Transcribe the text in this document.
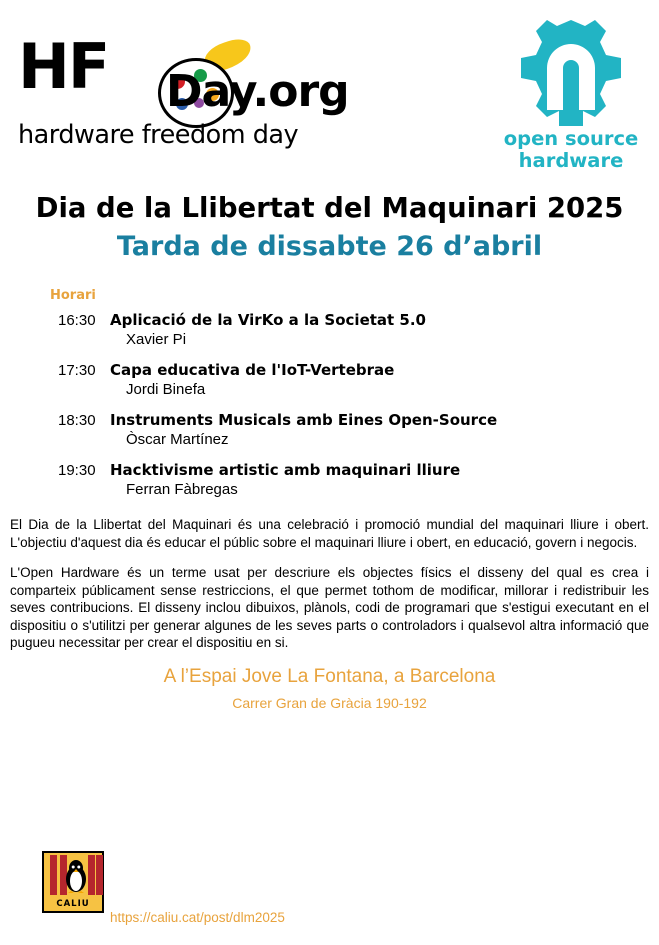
HF Day.org
hardware freedom day	open source
hardware
Dia de la Llibertat del Maquinari 2025
Tarda de dissabte 26 d’abril
Horari
16:30 Aplicació de la VirKo a la Societat 5.0
Xavier Pi
17:30 Capa educativa de l'IoT-Vertebrae
Jordi Binefa
18:30 Instruments Musicals amb Eines Open-Source
Òscar Martínez
19:30 Hacktivisme artistic amb maquinari lliure
Ferran Fàbregas

El Dia de la Llibertat del Maquinari és una celebració i promoció mundial del maquinari lliure i obert. L'objectiu d'aquest dia és educar el públic sobre el maquinari lliure i obert, en educació, govern i negocis.

L'Open Hardware és un terme usat per descriure els objectes físics el disseny del qual es crea i comparteix públicament sense restriccions, el que permet tothom de modificar, millorar i redistribuir les seves contribucions. El disseny inclou dibuixos, plànols, codi de programari que s'estigui executant en el dispositiu o s'utilitzi per generar algunes de les seves parts o controladors i qualsevol altra informació que pugueu necessitar per crear el dispositiu en si.

A l’Espai Jove La Fontana, a Barcelona
Carrer Gran de Gràcia 190-192
CALIU
https://caliu.cat/post/dlm2025
